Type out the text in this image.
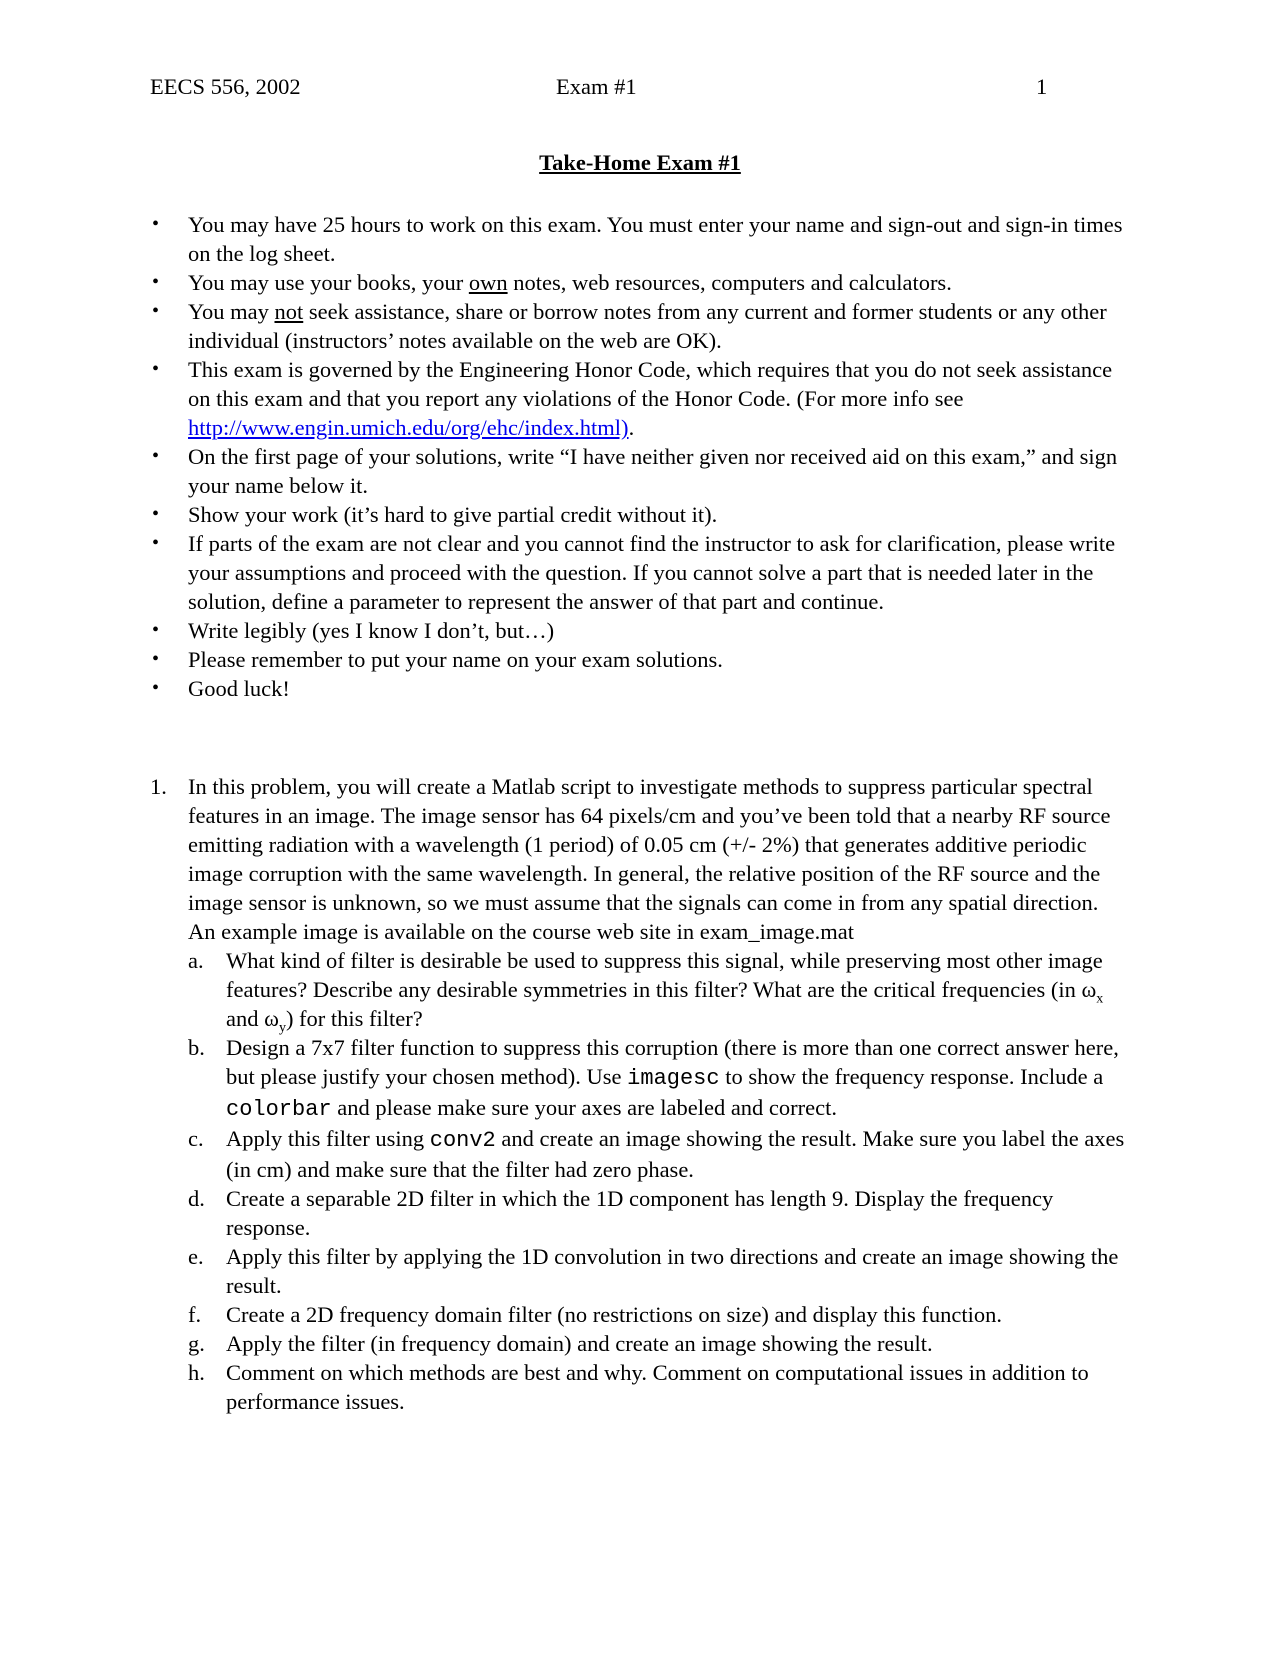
EECS 556, 2002	Exam #1	1
Take-Home Exam #1
• You may have 25 hours to work on this exam. You must enter your name and sign-out and sign-in times on the log sheet.
• You may use your books, your own notes, web resources, computers and calculators.
• You may not seek assistance, share or borrow notes from any current and former students or any other individual (instructors’ notes available on the web are OK).
• This exam is governed by the Engineering Honor Code, which requires that you do not seek assistance on this exam and that you report any violations of the Honor Code. (For more info see http://www.engin.umich.edu/org/ehc/index.html).
• On the first page of your solutions, write “I have neither given nor received aid on this exam,” and sign your name below it.
• Show your work (it’s hard to give partial credit without it).
• If parts of the exam are not clear and you cannot find the instructor to ask for clarification, please write your assumptions and proceed with the question. If you cannot solve a part that is needed later in the solution, define a parameter to represent the answer of that part and continue.
• Write legibly (yes I know I don’t, but…)
• Please remember to put your name on your exam solutions.
• Good luck!
1. In this problem, you will create a Matlab script to investigate methods to suppress particular spectral features in an image. The image sensor has 64 pixels/cm and you’ve been told that a nearby RF source emitting radiation with a wavelength (1 period) of 0.05 cm (+/- 2%) that generates additive periodic image corruption with the same wavelength. In general, the relative position of the RF source and the image sensor is unknown, so we must assume that the signals can come in from any spatial direction. An example image is available on the course web site in exam_image.mat
a. What kind of filter is desirable be used to suppress this signal, while preserving most other image features? Describe any desirable symmetries in this filter? What are the critical frequencies (in $\omega_x$ and $\omega_y$) for this filter?
b. Design a 7x7 filter function to suppress this corruption (there is more than one correct answer here, but please justify your chosen method). Use imagesc to show the frequency response. Include a colorbar and please make sure your axes are labeled and correct.
c. Apply this filter using conv2 and create an image showing the result. Make sure you label the axes (in cm) and make sure that the filter had zero phase.
d. Create a separable 2D filter in which the 1D component has length 9. Display the frequency response.
e. Apply this filter by applying the 1D convolution in two directions and create an image showing the result.
f. Create a 2D frequency domain filter (no restrictions on size) and display this function.
g. Apply the filter (in frequency domain) and create an image showing the result.
h. Comment on which methods are best and why. Comment on computational issues in addition to performance issues.
